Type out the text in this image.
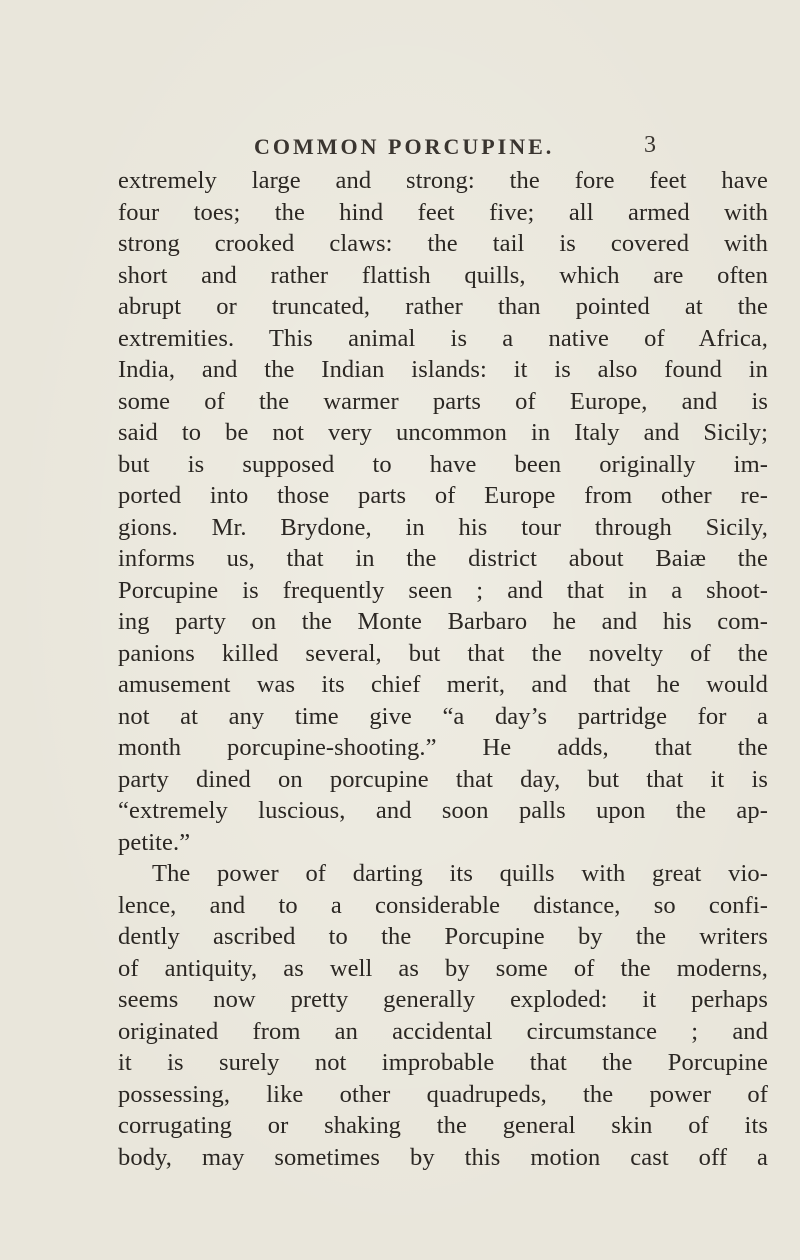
COMMON PORCUPINE.	3
extremely large and strong: the fore feet have
four toes; the hind feet five; all armed with
strong crooked claws: the tail is covered with
short and rather flattish quills, which are often
abrupt or truncated, rather than pointed at the
extremities. This animal is a native of Africa,
India, and the Indian islands: it is also found in
some of the warmer parts of Europe, and is
said to be not very uncommon in Italy and Sicily;
but is supposed to have been originally im-
ported into those parts of Europe from other re-
gions. Mr. Brydone, in his tour through Sicily,
informs us, that in the district about Baiæ the
Porcupine is frequently seen ; and that in a shoot-
ing party on the Monte Barbaro he and his com-
panions killed several, but that the novelty of the
amusement was its chief merit, and that he would
not at any time give “a day’s partridge for a
month porcupine-shooting.” He adds, that the
party dined on porcupine that day, but that it is
“extremely luscious, and soon palls upon the ap-
petite.”
The power of darting its quills with great vio-
lence, and to a considerable distance, so confi-
dently ascribed to the Porcupine by the writers
of antiquity, as well as by some of the moderns,
seems now pretty generally exploded: it perhaps
originated from an accidental circumstance ; and
it is surely not improbable that the Porcupine
possessing, like other quadrupeds, the power of
corrugating or shaking the general skin of its
body, may sometimes by this motion cast off a
